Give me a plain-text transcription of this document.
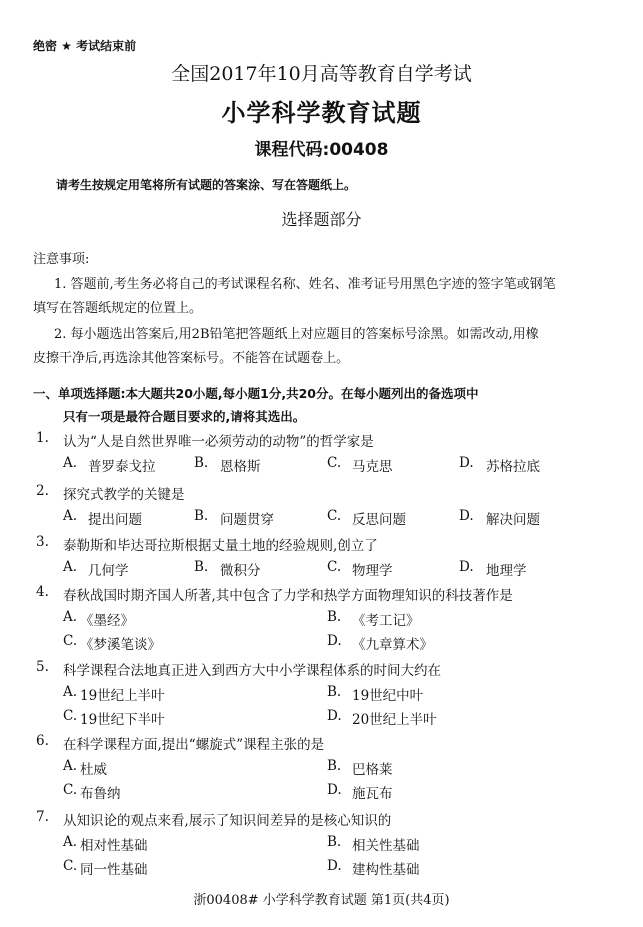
绝密 ★ 考试结束前
全国2017年10月高等教育自学考试
小学科学教育试题
课程代码:00408
请考生按规定用笔将所有试题的答案涂、写在答题纸上。
选择题部分
注意事项:
1. 答题前,考生务必将自己的考试课程名称、姓名、准考证号用黑色字迹的签字笔或钢笔
填写在答题纸规定的位置上。
2. 每小题选出答案后,用2B铅笔把答题纸上对应题目的答案标号涂黑。如需改动,用橡
皮擦干净后,再选涂其他答案标号。不能答在试题卷上。
一、单项选择题:本大题共20小题,每小题1分,共20分。在每小题列出的备选项中
只有一项是最符合题目要求的,请将其选出。
1. 认为“人是自然世界唯一必须劳动的动物”的哲学家是
A. 普罗泰戈拉	B. 恩格斯	C. 马克思	D. 苏格拉底
2. 探究式教学的关键是
A. 提出问题	B. 问题贯穿	C. 反思问题	D. 解决问题
3. 泰勒斯和毕达哥拉斯根据丈量土地的经验规则,创立了
A. 几何学	B. 微积分	C. 物理学	D. 地理学
4. 春秋战国时期齐国人所著,其中包含了力学和热学方面物理知识的科技著作是
A. 《墨经》	B. 《考工记》
C. 《梦溪笔谈》	D. 《九章算术》
5. 科学课程合法地真正进入到西方大中小学课程体系的时间大约在
A. 19世纪上半叶	B. 19世纪中叶
C. 19世纪下半叶	D. 20世纪上半叶
6. 在科学课程方面,提出“螺旋式”课程主张的是
A. 杜威	B. 巴格莱
C. 布鲁纳	D. 施瓦布
7. 从知识论的观点来看,展示了知识间差异的是核心知识的
A. 相对性基础	B. 相关性基础
C. 同一性基础	D. 建构性基础
浙00408# 小学科学教育试题 第1页(共4页)
